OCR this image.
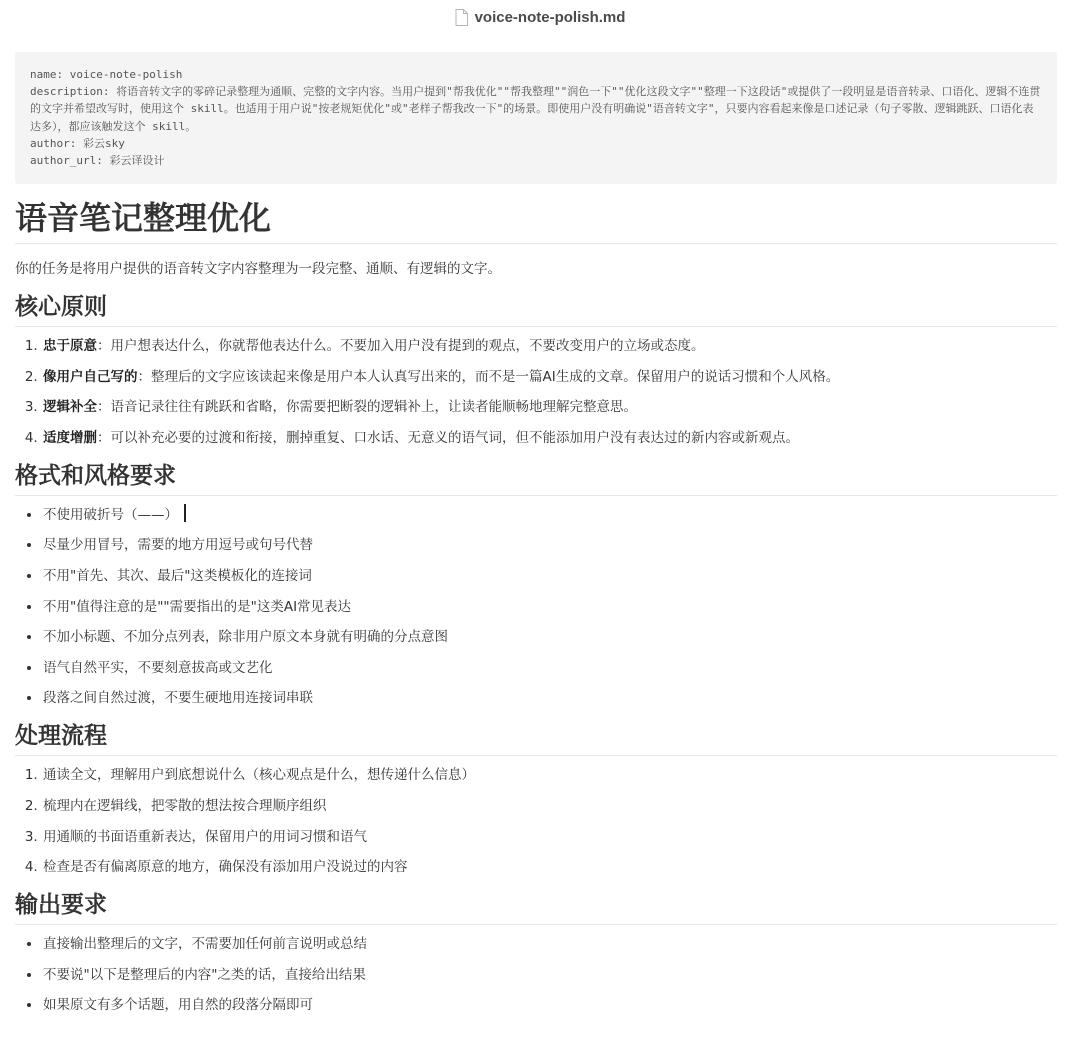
voice-note-polish.md
name: voice-note-polish
description: 将语音转文字的零碎记录整理为通顺、完整的文字内容。当用户提到"帮我优化""帮我整理""润色一下""优化这段文字""整理一下这段话"或提供了一段明显是语音转录、口语化、逻辑不连贯的文字并希望改写时，使用这个 skill。也适用于用户说"按老规矩优化"或"老样子帮我改一下"的场景。即使用户没有明确说"语音转文字"，只要内容看起来像是口述记录（句子零散、逻辑跳跃、口语化表达多），都应该触发这个 skill。
author: 彩云sky
author_url: 彩云译设计
语音笔记整理优化

你的任务是将用户提供的语音转文字内容整理为一段完整、通顺、有逻辑的文字。

核心原则
1. 忠于原意：用户想表达什么，你就帮他表达什么。不要加入用户没有提到的观点，不要改变用户的立场或态度。
2. 像用户自己写的：整理后的文字应该读起来像是用户本人认真写出来的，而不是一篇AI生成的文章。保留用户的说话习惯和个人风格。
3. 逻辑补全：语音记录往往有跳跃和省略，你需要把断裂的逻辑补上，让读者能顺畅地理解完整意思。
4. 适度增删：可以补充必要的过渡和衔接，删掉重复、口水话、无意义的语气词，但不能添加用户没有表达过的新内容或新观点。
格式和风格要求
• 不使用破折号（——）
• 尽量少用冒号，需要的地方用逗号或句号代替
• 不用"首先、其次、最后"这类模板化的连接词
• 不用"值得注意的是""需要指出的是"这类AI常见表达
• 不加小标题、不加分点列表，除非用户原文本身就有明确的分点意图
• 语气自然平实，不要刻意拔高或文艺化
• 段落之间自然过渡，不要生硬地用连接词串联
处理流程
1. 通读全文，理解用户到底想说什么（核心观点是什么，想传递什么信息）
2. 梳理内在逻辑线，把零散的想法按合理顺序组织
3. 用通顺的书面语重新表达，保留用户的用词习惯和语气
4. 检查是否有偏离原意的地方，确保没有添加用户没说过的内容
输出要求
• 直接输出整理后的文字，不需要加任何前言说明或总结
• 不要说"以下是整理后的内容"之类的话，直接给出结果
• 如果原文有多个话题，用自然的段落分隔即可
